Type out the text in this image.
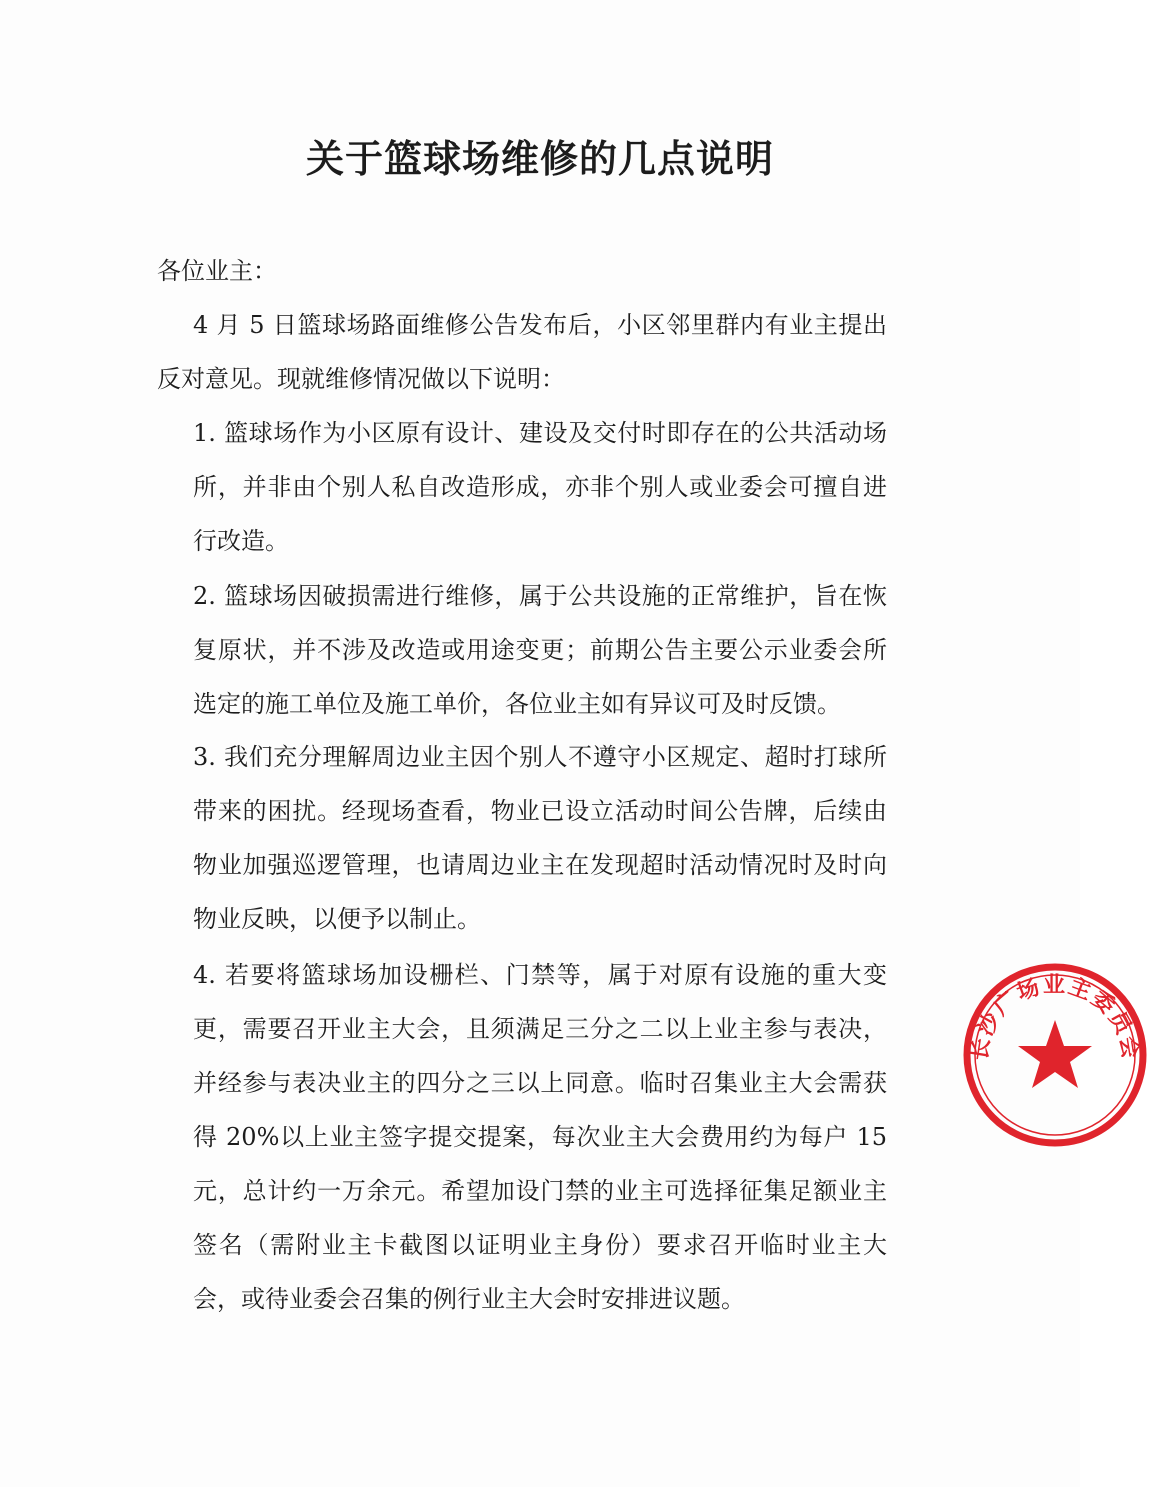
关于篮球场维修的几点说明

各位业主：

4 月 5 日篮球场路面维修公告发布后，小区邻里群内有业主提出反对意见。现就维修情况做以下说明：

1. 篮球场作为小区原有设计、建设及交付时即存在的公共活动场所，并非由个别人私自改造形成，亦非个别人或业委会可擅自进行改造。

2. 篮球场因破损需进行维修，属于公共设施的正常维护，旨在恢复原状，并不涉及改造或用途变更；前期公告主要公示业委会所选定的施工单位及施工单价，各位业主如有异议可及时反馈。

3. 我们充分理解周边业主因个别人不遵守小区规定、超时打球所带来的困扰。经现场查看，物业已设立活动时间公告牌，后续由物业加强巡逻管理，也请周边业主在发现超时活动情况时及时向物业反映，以便予以制止。

4. 若要将篮球场加设栅栏、门禁等，属于对原有设施的重大变更，需要召开业主大会，且须满足三分之二以上业主参与表决，并经参与表决业主的四分之三以上同意。临时召集业主大会需获得 20%以上业主签字提交提案，每次业主大会费用约为每户 15 元，总计约一万余元。希望加设门禁的业主可选择征集足额业主签名（需附业主卡截图以证明业主身份）要求召开临时业主大会，或待业委会召集的例行业主大会时安排进议题。

长沙广场业主委员会
